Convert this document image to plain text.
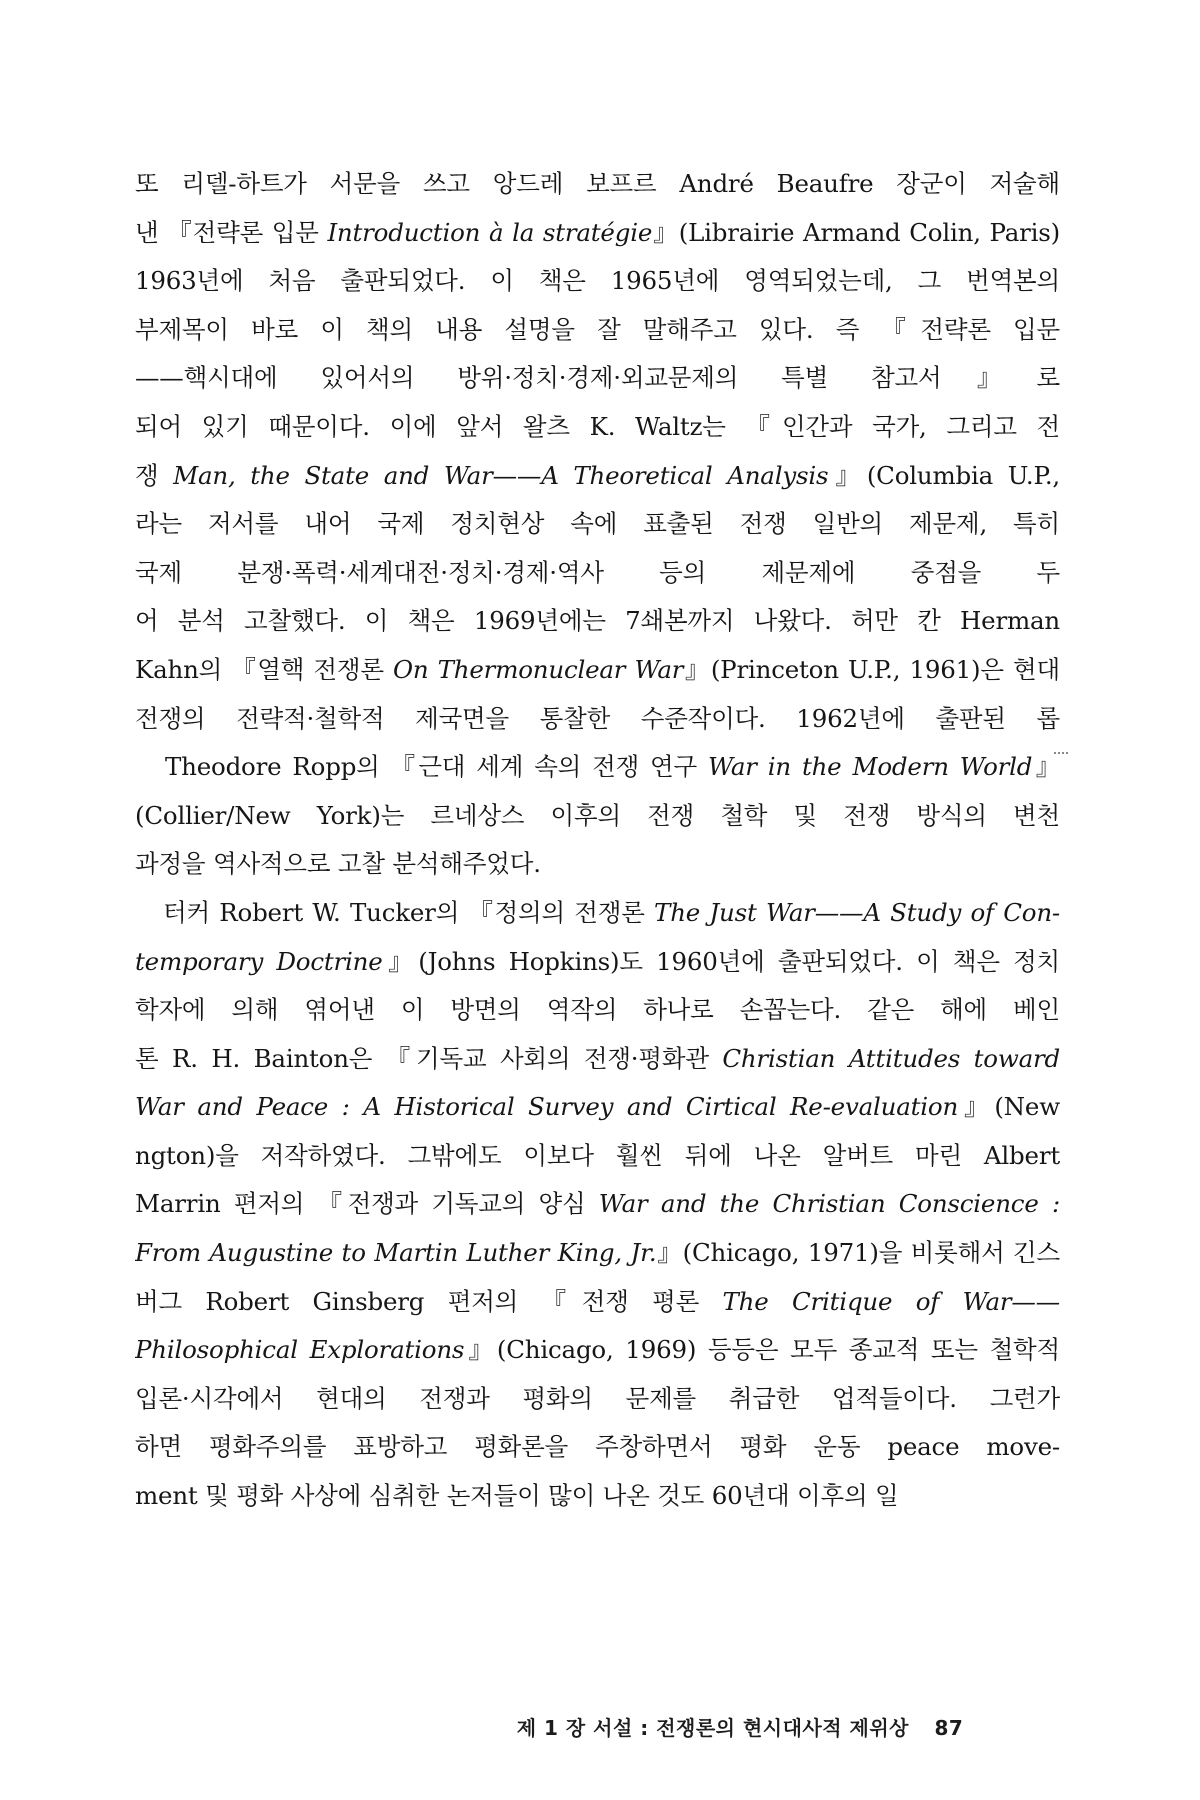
또 리델-하트가 서문을 쓰고 앙드레 보프르 André Beaufre 장군이 저술해
낸 『전략론 입문 Introduction à la stratégie』(Librairie Armand Colin, Paris)
1963년에 처음 출판되었다. 이 책은 1965년에 영역되었는데, 그 번역본의
부제목이 바로 이 책의 내용 설명을 잘 말해주고 있다. 즉 『전략론 입문
——핵시대에 있어서의 방위·정치·경제·외교문제의 특별 참고서』로
되어 있기 때문이다. 이에 앞서 왈츠 K. Waltz는 『인간과 국가, 그리고 전
쟁 Man, the State and War——A Theoretical Analysis』(Columbia U.P.,
라는 저서를 내어 국제 정치현상 속에 표출된 전쟁 일반의 제문제, 특히
국제 분쟁·폭력·세계대전·정치·경제·역사 등의 제문제에 중점을 두
어 분석 고찰했다. 이 책은 1969년에는 7쇄본까지 나왔다. 허만 칸 Herman
Kahn의 『열핵 전쟁론 On Thermonuclear War』(Princeton U.P., 1961)은 현대
전쟁의 전략적·철학적 제국면을 통찰한 수준작이다. 1962년에 출판된 롭
Theodore Ropp의 『근대 세계 속의 전쟁 연구 War in the Modern World』
(Collier/New York)는 르네상스 이후의 전쟁 철학 및 전쟁 방식의 변천
과정을 역사적으로 고찰 분석해주었다.
터커 Robert W. Tucker의 『정의의 전쟁론 The Just War——A Study of Con-
temporary Doctrine』(Johns Hopkins)도 1960년에 출판되었다. 이 책은 정치
학자에 의해 엮어낸 이 방면의 역작의 하나로 손꼽는다. 같은 해에 베인
톤 R. H. Bainton은 『기독교 사회의 전쟁·평화관 Christian Attitudes toward
War and Peace : A Historical Survey and Cirtical Re-evaluation』(New
ngton)을 저작하였다. 그밖에도 이보다 훨씬 뒤에 나온 알버트 마린 Albert
Marrin 편저의 『전쟁과 기독교의 양심 War and the Christian Conscience :
From Augustine to Martin Luther King, Jr.』(Chicago, 1971)을 비롯해서 긴스
버그 Robert Ginsberg 편저의 『전쟁 평론 The Critique of War——
Philosophical Explorations』(Chicago, 1969) 등등은 모두 종교적 또는 철학적
입론·시각에서 현대의 전쟁과 평화의 문제를 취급한 업적들이다. 그런가
하면 평화주의를 표방하고 평화론을 주창하면서 평화 운동 peace move-
ment 및 평화 사상에 심취한 논저들이 많이 나온 것도 60년대 이후의 일
제 1 장 서설 : 전쟁론의 현시대사적 제위상 87
